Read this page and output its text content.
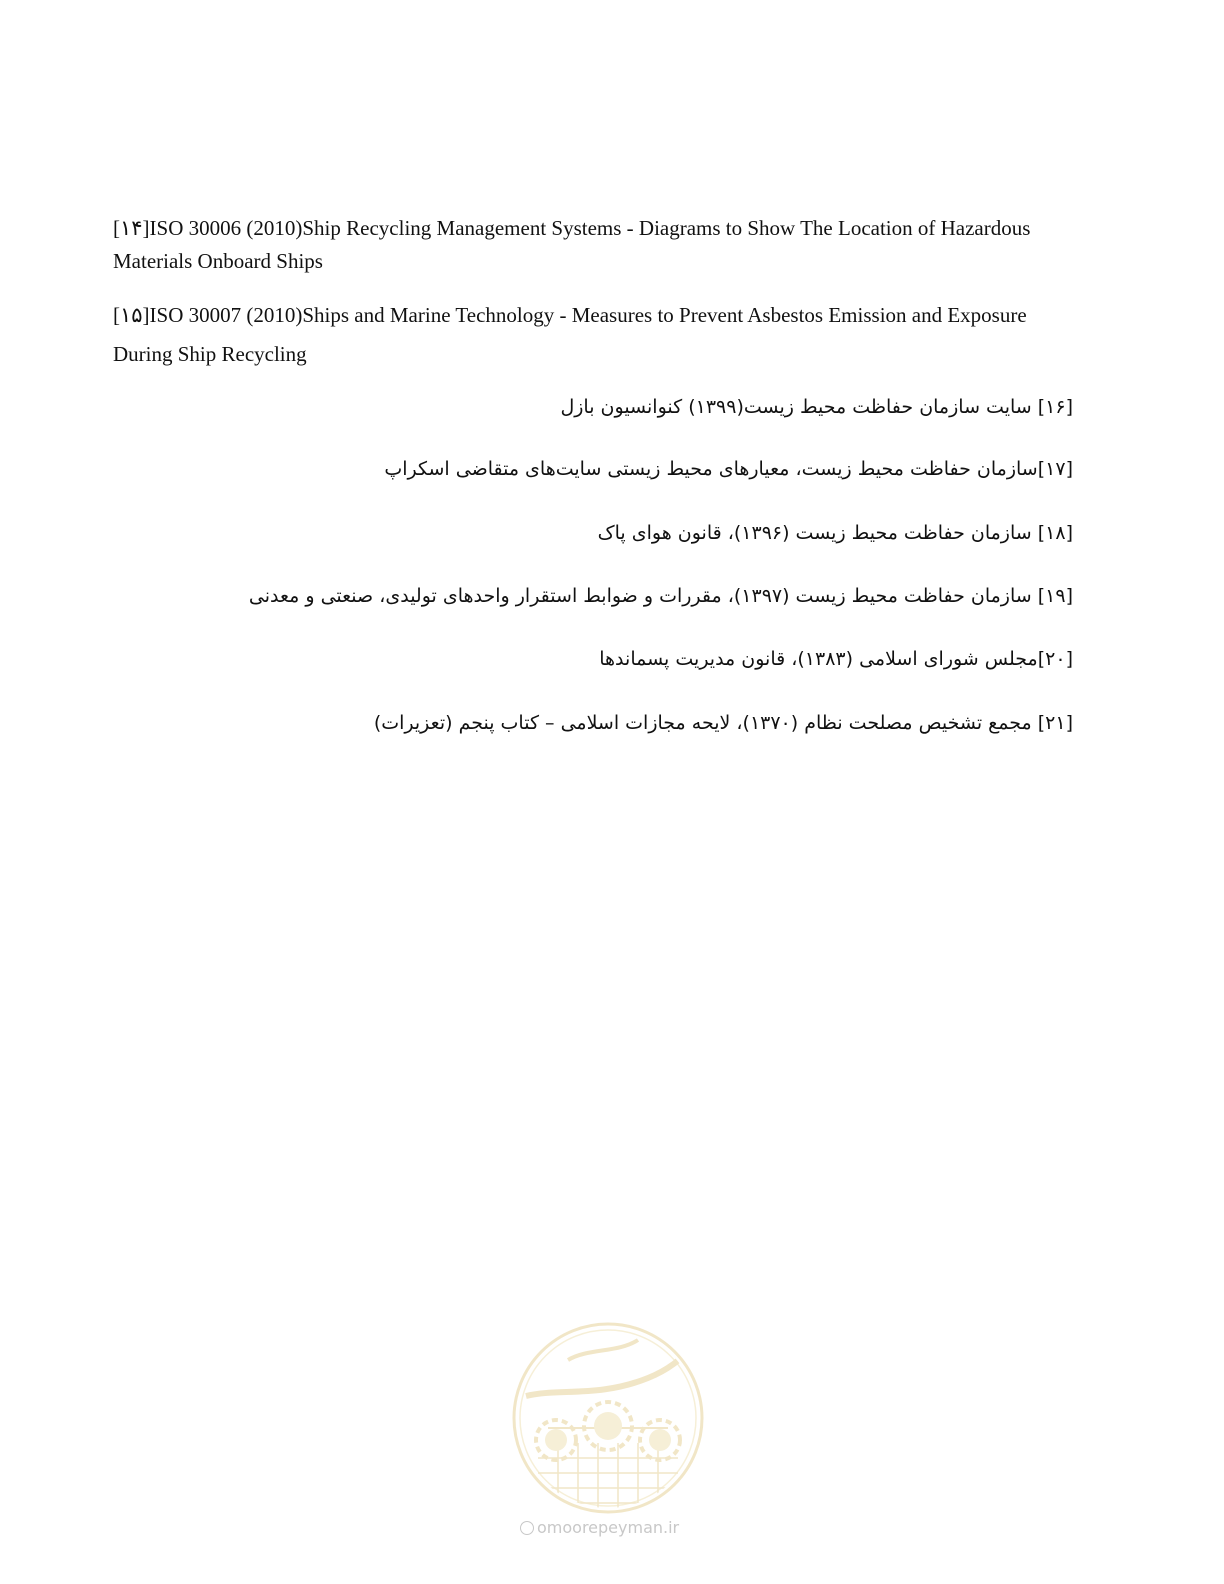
[۱۴]ISO 30006 (2010)Ship Recycling Management Systems - Diagrams to Show The Location of Hazardous Materials Onboard Ships

[۱۵]ISO 30007 (2010)Ships and Marine Technology - Measures to Prevent Asbestos Emission and Exposure During Ship Recycling

[۱۶] سایت سازمان حفاظت محیط زیست(۱۳۹۹) کنوانسیون بازل

[۱۷]سازمان حفاظت محیط زیست، معیارهای محیط زیستی سایت‌های متقاضی اسکراپ

[۱۸] سازمان حفاظت محیط زیست (۱۳۹۶)، قانون هوای پاک

[۱۹] سازمان حفاظت محیط زیست (۱۳۹۷)، مقررات و ضوابط استقرار واحدهای تولیدی، صنعتی و معدنی

[۲۰]مجلس شورای اسلامی (۱۳۸۳)، قانون مدیریت پسماندها

[۲۱] مجمع تشخیص مصلحت نظام (۱۳۷۰)، لایحه مجازات اسلامی – کتاب پنجم (تعزیرات)

omoorepeyman.ir
